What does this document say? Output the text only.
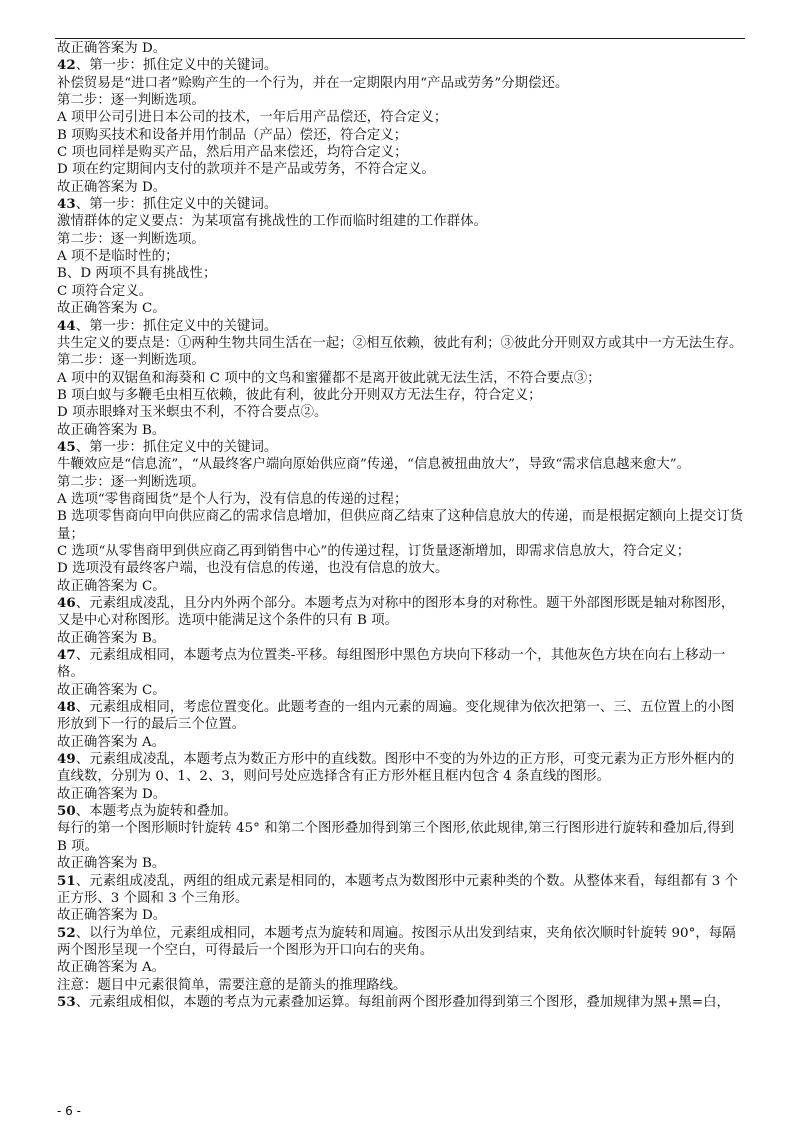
故正确答案为 D。
42、第一步：抓住定义中的关键词。
补偿贸易是“进口者”赊购产生的一个行为，并在一定期限内用“产品或劳务”分期偿还。
第二步：逐一判断选项。
A 项甲公司引进日本公司的技术，一年后用产品偿还，符合定义；
B 项购买技术和设备并用竹制品（产品）偿还，符合定义；
C 项也同样是购买产品，然后用产品来偿还，均符合定义；
D 项在约定期间内支付的款项并不是产品或劳务，不符合定义。
故正确答案为 D。
43、第一步：抓住定义中的关键词。
激情群体的定义要点：为某项富有挑战性的工作而临时组建的工作群体。
第二步：逐一判断选项。
A 项不是临时性的；
B、D 两项不具有挑战性；
C 项符合定义。
故正确答案为 C。
44、第一步：抓住定义中的关键词。
共生定义的要点是：①两种生物共同生活在一起；②相互依赖，彼此有利；③彼此分开则双方或其中一方无法生存。
第二步：逐一判断选项。
A 项中的双锯鱼和海葵和 C 项中的文鸟和蜜獾都不是离开彼此就无法生活，不符合要点③；
B 项白蚁与多鞭毛虫相互依赖，彼此有利，彼此分开则双方无法生存，符合定义；
D 项赤眼蜂对玉米螟虫不利，不符合要点②。
故正确答案为 B。
45、第一步：抓住定义中的关键词。
牛鞭效应是“信息流”，“从最终客户端向原始供应商”传递，“信息被扭曲放大”，导致“需求信息越来愈大”。
第二步：逐一判断选项。
A 选项“零售商囤货”是个人行为，没有信息的传递的过程；
B 选项零售商向甲向供应商乙的需求信息增加，但供应商乙结束了这种信息放大的传递，而是根据定额向上提交订货量；
C 选项“从零售商甲到供应商乙再到销售中心”的传递过程，订货量逐渐增加，即需求信息放大，符合定义；
D 选项没有最终客户端，也没有信息的传递，也没有信息的放大。
故正确答案为 C。
46、元素组成凌乱，且分内外两个部分。本题考点为对称中的图形本身的对称性。题干外部图形既是轴对称图形，又是中心对称图形。选项中能满足这个条件的只有 B 项。
故正确答案为 B。
47、元素组成相同，本题考点为位置类-平移。每组图形中黑色方块向下移动一个，其他灰色方块在向右上移动一格。
故正确答案为 C。
48、元素组成相同，考虑位置变化。此题考查的一组内元素的周遍。变化规律为依次把第一、三、五位置上的小图形放到下一行的最后三个位置。
故正确答案为 A。
49、元素组成凌乱，本题考点为数正方形中的直线数。图形中不变的为外边的正方形，可变元素为正方形外框内的直线数，分别为 0、1、2、3，则问号处应选择含有正方形外框且框内包含 4 条直线的图形。
故正确答案为 D。
50、本题考点为旋转和叠加。
每行的第一个图形顺时针旋转 45° 和第二个图形叠加得到第三个图形,依此规律,第三行图形进行旋转和叠加后,得到 B 项。
故正确答案为 B。
51、元素组成凌乱，两组的组成元素是相同的，本题考点为数图形中元素种类的个数。从整体来看，每组都有 3 个正方形、3 个圆和 3 个三角形。
故正确答案为 D。
52、以行为单位，元素组成相同，本题考点为旋转和周遍。按图示从出发到结束，夹角依次顺时针旋转 90°，每隔两个图形呈现一个空白，可得最后一个图形为开口向右的夹角。
故正确答案为 A。
注意：题目中元素很简单，需要注意的是箭头的推理路线。
53、元素组成相似，本题的考点为元素叠加运算。每组前两个图形叠加得到第三个图形，叠加规律为黑+黑=白，
- 6 -
